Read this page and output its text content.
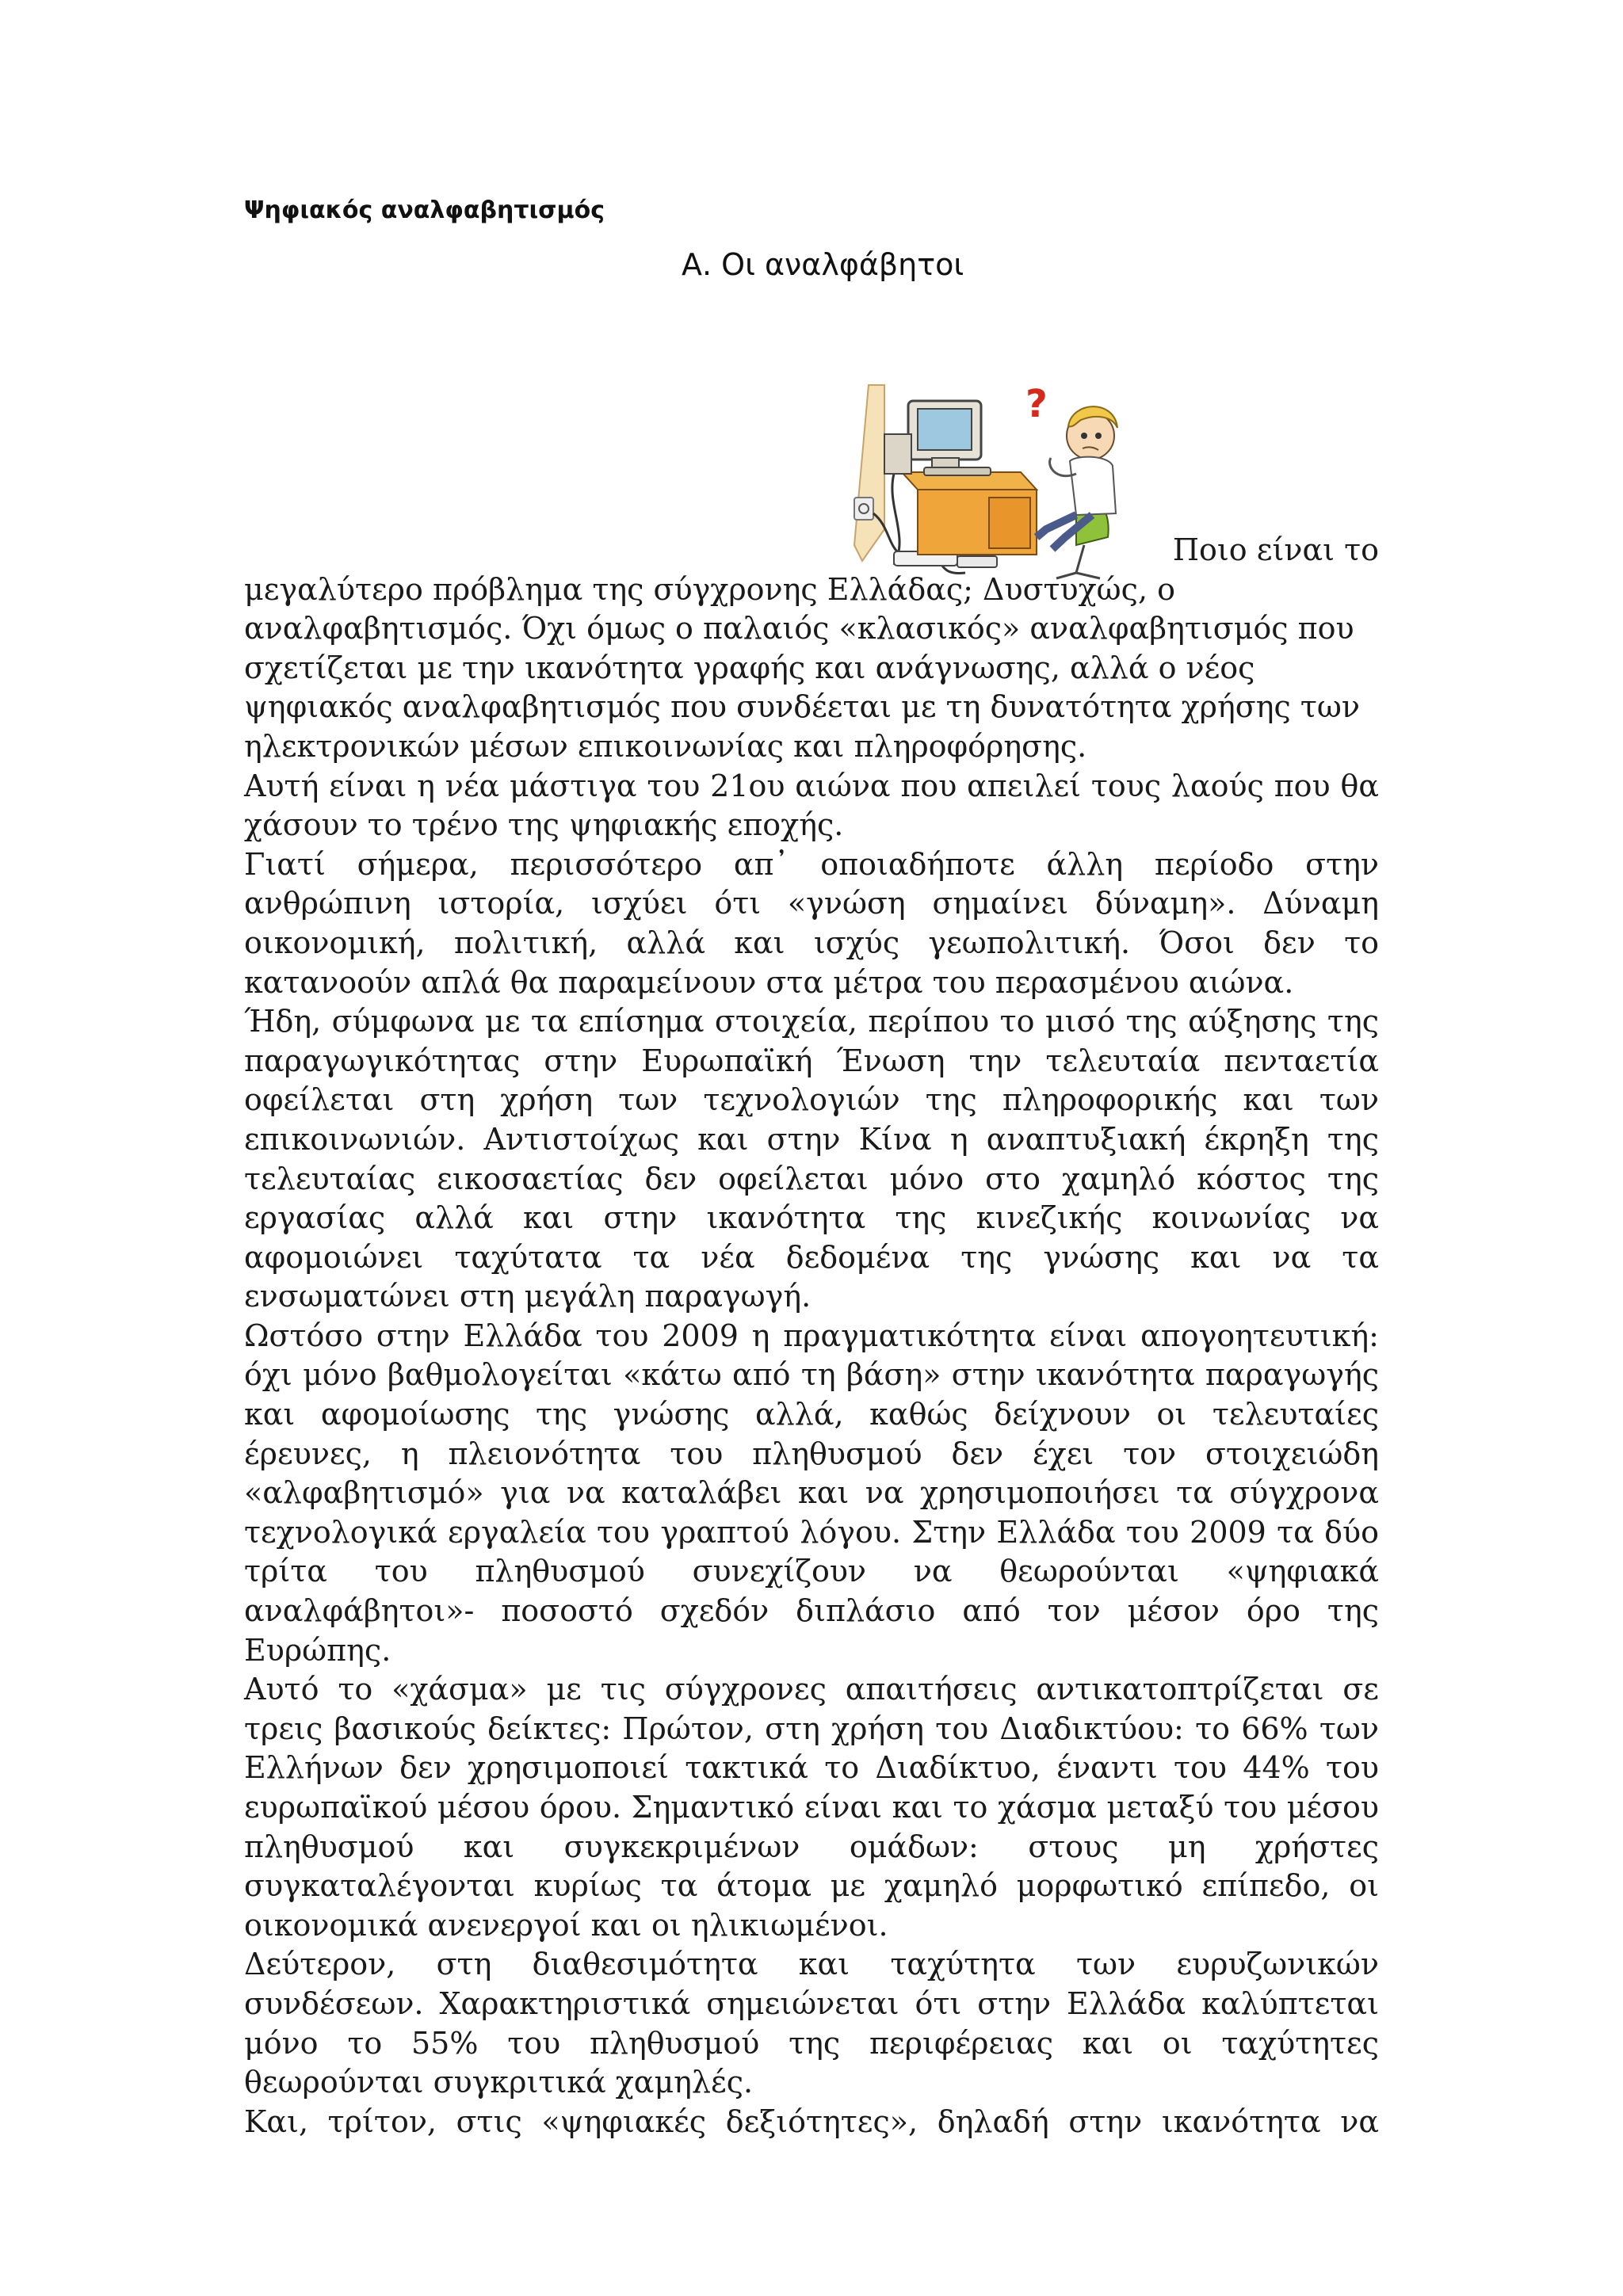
Ψηφιακός αναλφαβητισμός
Α. Οι αναλφάβητοι
?

Ποιο είναι το

μεγαλύτερο πρόβλημα της σύγχρονης Ελλάδας; Δυστυχώς, ο αναλφαβητισμός. Όχι όμως ο παλαιός «κλασικός» αναλφαβητισμός που σχετίζεται με την ικανότητα γραφής και ανάγνωσης, αλλά ο νέος ψηφιακός αναλφαβητισμός που συνδέεται με τη δυνατότητα χρήσης των ηλεκτρονικών μέσων επικοινωνίας και πληροφόρησης.

Αυτή είναι η νέα μάστιγα του 21ου αιώνα που απειλεί τους λαούς που θα χάσουν το τρένο της ψηφιακής εποχής.

Γιατί σήμερα, περισσότερο απ᾿ οποιαδήποτε άλλη περίοδο στην ανθρώπινη ιστορία, ισχύει ότι «γνώση σημαίνει δύναμη». Δύναμη οικονομική, πολιτική, αλλά και ισχύς γεωπολιτική. Όσοι δεν το κατανοούν απλά θα παραμείνουν στα μέτρα του περασμένου αιώνα.

Ήδη, σύμφωνα με τα επίσημα στοιχεία, περίπου το μισό της αύξησης της παραγωγικότητας στην Ευρωπαϊκή Ένωση την τελευταία πενταετία οφείλεται στη χρήση των τεχνολογιών της πληροφορικής και των επικοινωνιών. Αντιστοίχως και στην Κίνα η αναπτυξιακή έκρηξη της τελευταίας εικοσαετίας δεν οφείλεται μόνο στο χαμηλό κόστος της εργασίας αλλά και στην ικανότητα της κινεζικής κοινωνίας να αφομοιώνει ταχύτατα τα νέα δεδομένα της γνώσης και να τα ενσωματώνει στη μεγάλη παραγωγή.

Ωστόσο στην Ελλάδα του 2009 η πραγματικότητα είναι απογοητευτική: όχι μόνο βαθμολογείται «κάτω από τη βάση» στην ικανότητα παραγωγής και αφομοίωσης της γνώσης αλλά, καθώς δείχνουν οι τελευταίες έρευνες, η πλειονότητα του πληθυσμού δεν έχει τον στοιχειώδη «αλφαβητισμό» για να καταλάβει και να χρησιμοποιήσει τα σύγχρονα τεχνολογικά εργαλεία του γραπτού λόγου. Στην Ελλάδα του 2009 τα δύο τρίτα του πληθυσμού συνεχίζουν να θεωρούνται «ψηφιακά αναλφάβητοι»- ποσοστό σχεδόν διπλάσιο από τον μέσον όρο της Ευρώπης.

Αυτό το «χάσμα» με τις σύγχρονες απαιτήσεις αντικατοπτρίζεται σε τρεις βασικούς δείκτες: Πρώτον, στη χρήση του Διαδικτύου: το 66% των Ελλήνων δεν χρησιμοποιεί τακτικά το Διαδίκτυο, έναντι του 44% του ευρωπαϊκού μέσου όρου. Σημαντικό είναι και το χάσμα μεταξύ του μέσου πληθυσμού και συγκεκριμένων ομάδων: στους μη χρήστες συγκαταλέγονται κυρίως τα άτομα με χαμηλό μορφωτικό επίπεδο, οι οικονομικά ανενεργοί και οι ηλικιωμένοι.

Δεύτερον, στη διαθεσιμότητα και ταχύτητα των ευρυζωνικών συνδέσεων. Χαρακτηριστικά σημειώνεται ότι στην Ελλάδα καλύπτεται μόνο το 55% του πληθυσμού της περιφέρειας και οι ταχύτητες θεωρούνται συγκριτικά χαμηλές.

Και, τρίτον, στις «ψηφιακές δεξιότητες», δηλαδή στην ικανότητα να
